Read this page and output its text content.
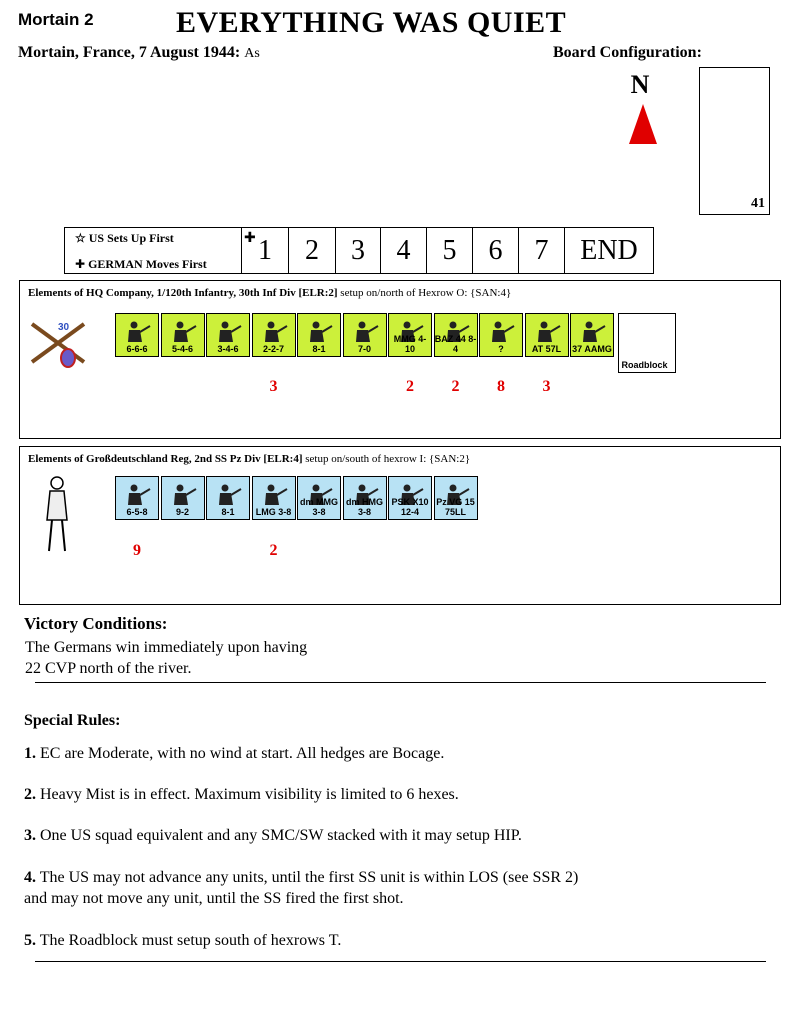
Mortain 2	EVERYTHING WAS QUIET
Mortain, France, 7 August 1944: As	Board Configuration:
N
41
☆ US Sets Up First
✚ GERMAN Moves First
✚ 1	2	3	4	5	6	7	END
Elements of HQ Company, 1/120th Infantry, 30th Inf Div [ELR:2] setup on/north of Hexrow O: {SAN:4}
30
6-6-6	5-4-6	3-4-6	2-2-7
3
8-1	7-0
MMG 4-10
2
BAZ 44 8-4
2
?
8
AT 57L
3
37 AAMG
Roadblock
Elements of Großdeutschland Reg, 2nd SS Pz Div [ELR:4] setup on/south of hexrow I: {SAN:2}
6-5-8
9
9-2	8-1	LMG 3-8
2
dm MMG 3-8
dm HMG 3-8
PSK X10 12-4
Pz VG 15 75LL
Victory Conditions:
The Germans win immediately upon having
22 CVP north of the river.
Special Rules:
1. EC are Moderate, with no wind at start. All hedges are Bocage.
2. Heavy Mist is in effect. Maximum visibility is limited to 6 hexes.
3. One US squad equivalent and any SMC/SW stacked with it may setup HIP.
4. The US may not advance any units, until the first SS unit is within LOS (see SSR 2)
and may not move any unit, until the SS fired the first shot.
5. The Roadblock must setup south of hexrows T.
